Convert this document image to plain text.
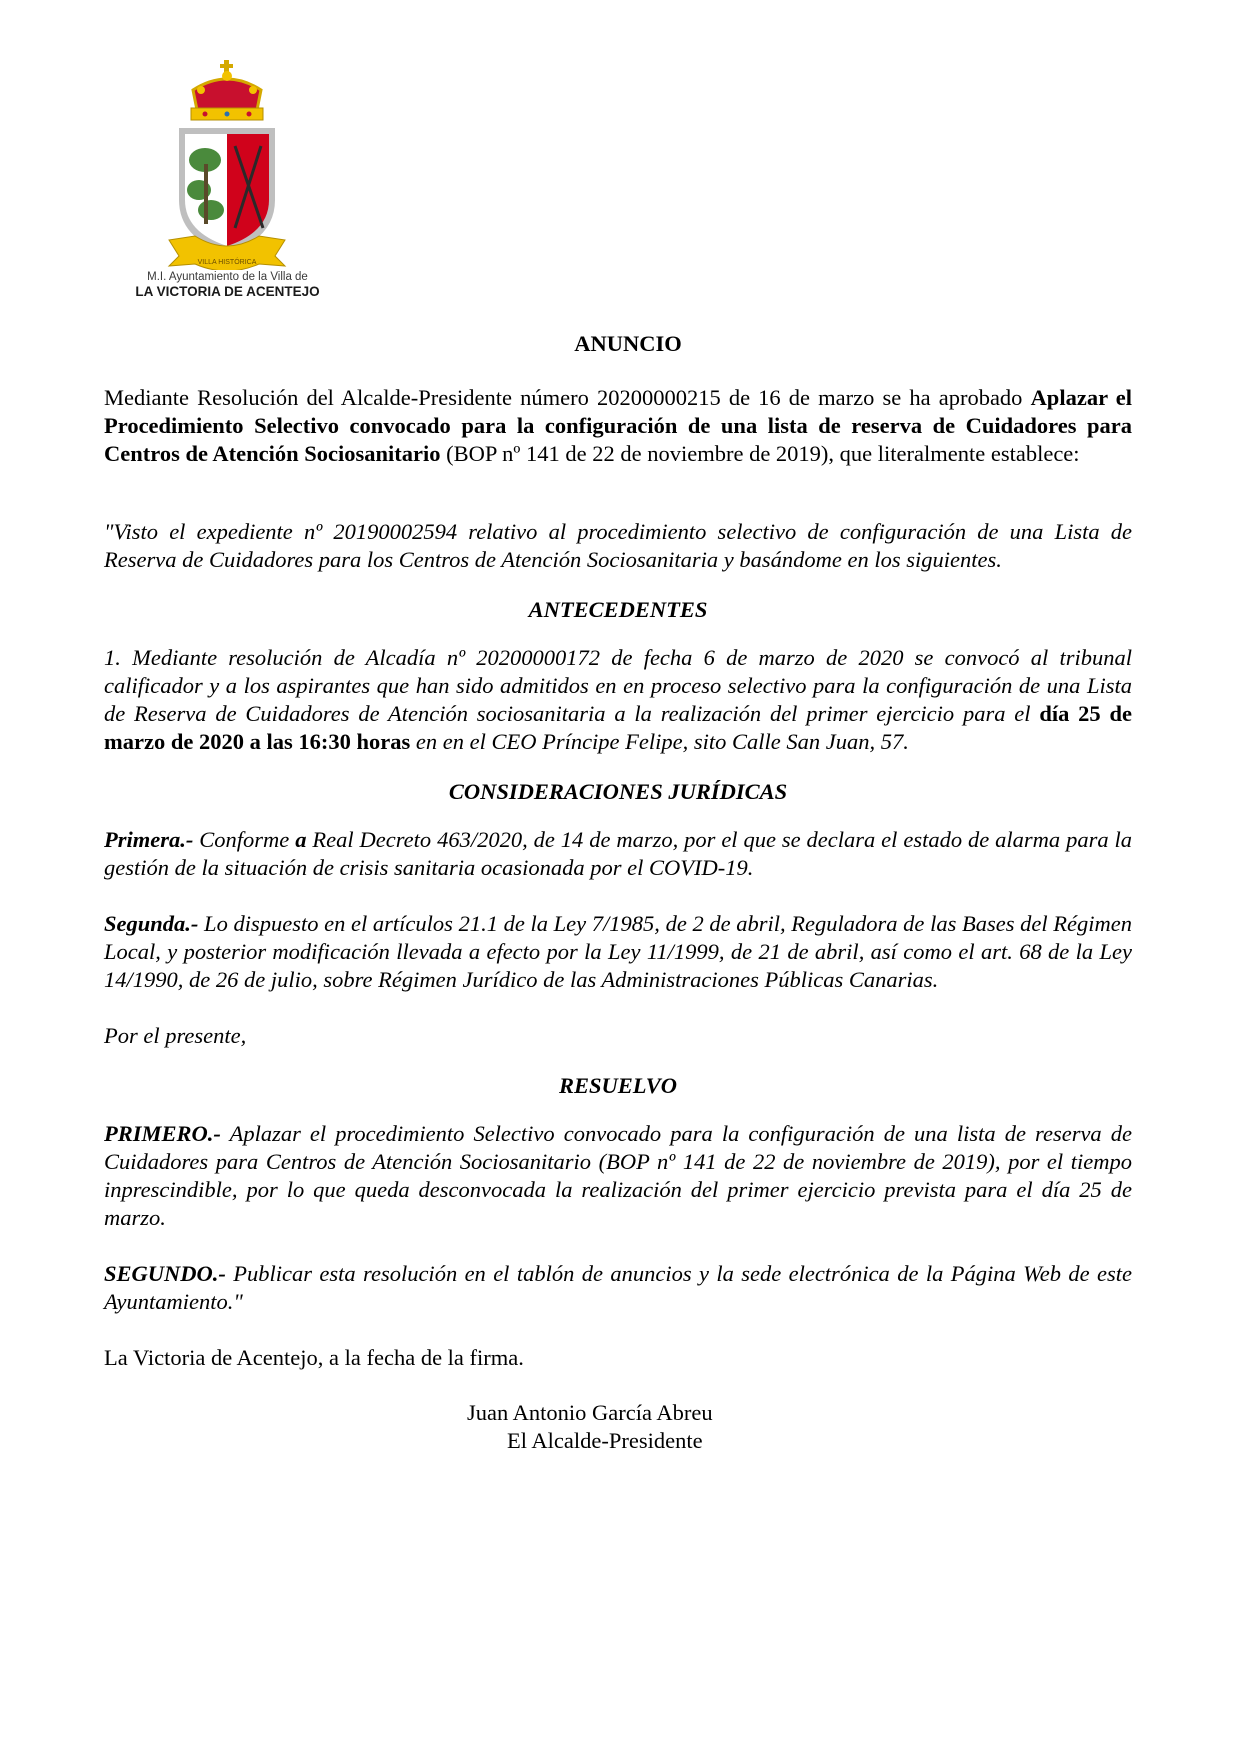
VILLA HISTÓRICA
M.I. Ayuntamiento de la Villa de
LA VICTORIA DE ACENTEJO
ANUNCIO

Mediante Resolución del Alcalde-Presidente número 20200000215 de 16 de marzo se ha aprobado Aplazar el Procedimiento Selectivo convocado para la configuración de una lista de reserva de Cuidadores para Centros de Atención Sociosanitario (BOP nº 141 de 22 de noviembre de 2019), que literalmente establece:

"Visto el expediente nº 20190002594 relativo al procedimiento selectivo de configuración de una Lista de Reserva de Cuidadores para los Centros de Atención Sociosanitaria y basándome en los siguientes.

ANTECEDENTES

1. Mediante resolución de Alcadía nº 20200000172 de fecha 6 de marzo de 2020 se convocó al tribunal calificador y a los aspirantes que han sido admitidos en en proceso selectivo para la configuración de una Lista de Reserva de Cuidadores de Atención sociosanitaria a la realización del primer ejercicio para el día 25 de marzo de 2020 a las 16:30 horas en en el CEO Príncipe Felipe, sito Calle San Juan, 57.

CONSIDERACIONES JURÍDICAS

Primera.- Conforme a Real Decreto 463/2020, de 14 de marzo, por el que se declara el estado de alarma para la gestión de la situación de crisis sanitaria ocasionada por el COVID-19.

Segunda.- Lo dispuesto en el artículos 21.1 de la Ley 7/1985, de 2 de abril, Reguladora de las Bases del Régimen Local, y posterior modificación llevada a efecto por la Ley 11/1999, de 21 de abril, así como el art. 68 de la Ley 14/1990, de 26 de julio, sobre Régimen Jurídico de las Administraciones Públicas Canarias.

Por el presente,

RESUELVO

PRIMERO.- Aplazar el procedimiento Selectivo convocado para la configuración de una lista de reserva de Cuidadores para Centros de Atención Sociosanitario (BOP nº 141 de 22 de noviembre de 2019), por el tiempo inprescindible, por lo que queda desconvocada la realización del primer ejercicio prevista para el día 25 de marzo.

SEGUNDO.- Publicar esta resolución en el tablón de anuncios y la sede electrónica de la Página Web de este Ayuntamiento."

La Victoria de Acentejo, a la fecha de la firma.

Juan Antonio García Abreu

El Alcalde-Presidente
